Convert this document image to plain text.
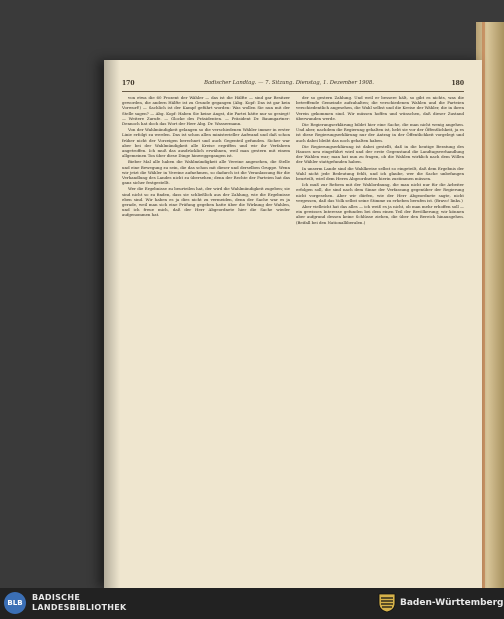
170	Badischer Landtag. — 7. Sitzung. Dienstag, 1. Dezember 1908.	180

von etwa die 60 Prozent der Wähler — das ist die Hälfte — sind gar Besitzer geworden, die andern Hälfte ist zu Grunde gegangen (Abg. Kopf: Das ist gar kein Vorwurf!) — Sachlich ist der Kampf geführt worden: Was wollen Sie nun mit der Stelle sagen? — Abg. Kopf: Haben Sie keine Angst, die Partei hätte nur so gesiegt! — Weitere Zurufe. — Glocke des Präsidenten. — Präsident Dr. Baumgartner: Dennoch hat doch das Wort der Herr Abg. Dr. Wassermann.

Von der Wahlmündigkeit gelangen so die verschiedenen Wähler immer in erster Linie erfolgt zu werden. Das ist schon allen ministerieller Aufwand und daß schon früher nicht der Vorzeigen berechnet und auch Gegenteil gefunden. Sicher war aber bei der Wahlmündigkeit alle Kreise ergriffen und wir ihr Verfahren angetroffen. Ich muß das ausdrücklich erwähnen, weil man gestern mit einem allgemeinen Ton über diese Dinge hinweggegangen ist.

Bieber Mal alle haben die Wahlmündigkeit alle Vereine angesehen, die Stelle und eine Bewegung zu sein, die das schon mit dieser und derselben Gruppe. Wenn wir jetzt die Wähler in Vereine aufnehmen, so dadurch ist die Veranlassung für die Verhandlung des Landes nicht zu übersehen; denn der Rechte der Parteien hat das ganz sicher festgestellt.

Wer die Ergebnisse zu beurteilen hat, der wird die Wahlmündigkeit zugeben; sie sind nicht so zu finden, dass sie schließlich aus der Zahlung, wie die Ergebnisse eben sind. Wir haben es ja dies nicht zu vermeiden, denn der Sache war es ja gerade, weil man sich eine Prüfung gegeben hatte über die Wirkung der Wahlen, und ich freue mich, daß der Herr Abgeordnete hier die Sache wieder aufgenommen hat.

der so gestern Zahlung. Und weil er bessere hält, so gibt es nichts, was die betreffende Gemeinde aufzuhalten; die verschiedenen Wahlen und die Parteien verschiedentlich angesehen, die Wahl selbst und die Kreise der Wähler, die in ihren Verein gekommen sind. Wir müssen hoffen und wünschen, daß dieser Zustand überwunden werde.

Die Regierungserklärung bildet hier eine Sache, die man nicht wenig angehen. Und aber, nachdem die Regierung gehalten ist, hebt sie vor der Öffentlichkeit, ja es ist diese Regierungserklärung nur der Antrag in der Öffentlichkeit vorgelegt und auch dabei bleibt das noch gehalten haben.

Die Regierungserklärung ist dabei gestellt, daß in die heutige Beratung des Hauses neu eingeführt wird und der erste Gegenstand die Landtagsverhandlung der Wahlen war; man hat nun zu fragen, ob die Wahlen wirklich nach dem Willen der Wähler stattgefunden haben.

In unserm Lande sind die Wahlkreise selbst so eingeteilt, daß dem Ergebnis der Wahl nicht jede Bedeutung fehlt, und ich glaube, wer die Sache unbefangen beurteilt, wird dem Herrn Abgeordneten hierin zustimmen müssen.

Ich muß zur Reform mit der Wahlordnung, die man nicht nur für die Arbeiter erfolgen soll, die sind nach dem Sinne der Verfassung gegenüber der Regierung nicht vorgesehen. Aber wir dürfen, wie der Herr Abgeordnete sagte, nicht vergessen, daß das Volk selbst seine Stimme zu erheben berufen ist. (Bravo! links.)

Aber vielleicht hat das alles — ich weiß es ja nicht, ob man mehr erhoffen soll — ein gewisses Interesse gefunden bei dem einen Teil der Bevölkerung; wir können aber aufgrund dessen keine Schlüsse ziehen, die über den Bereich hinausgehen. (Beifall bei den Nationalliberalen.)

BLB
BADISCHE
LANDESBIBLIOTHEK	Baden-Württemberg
